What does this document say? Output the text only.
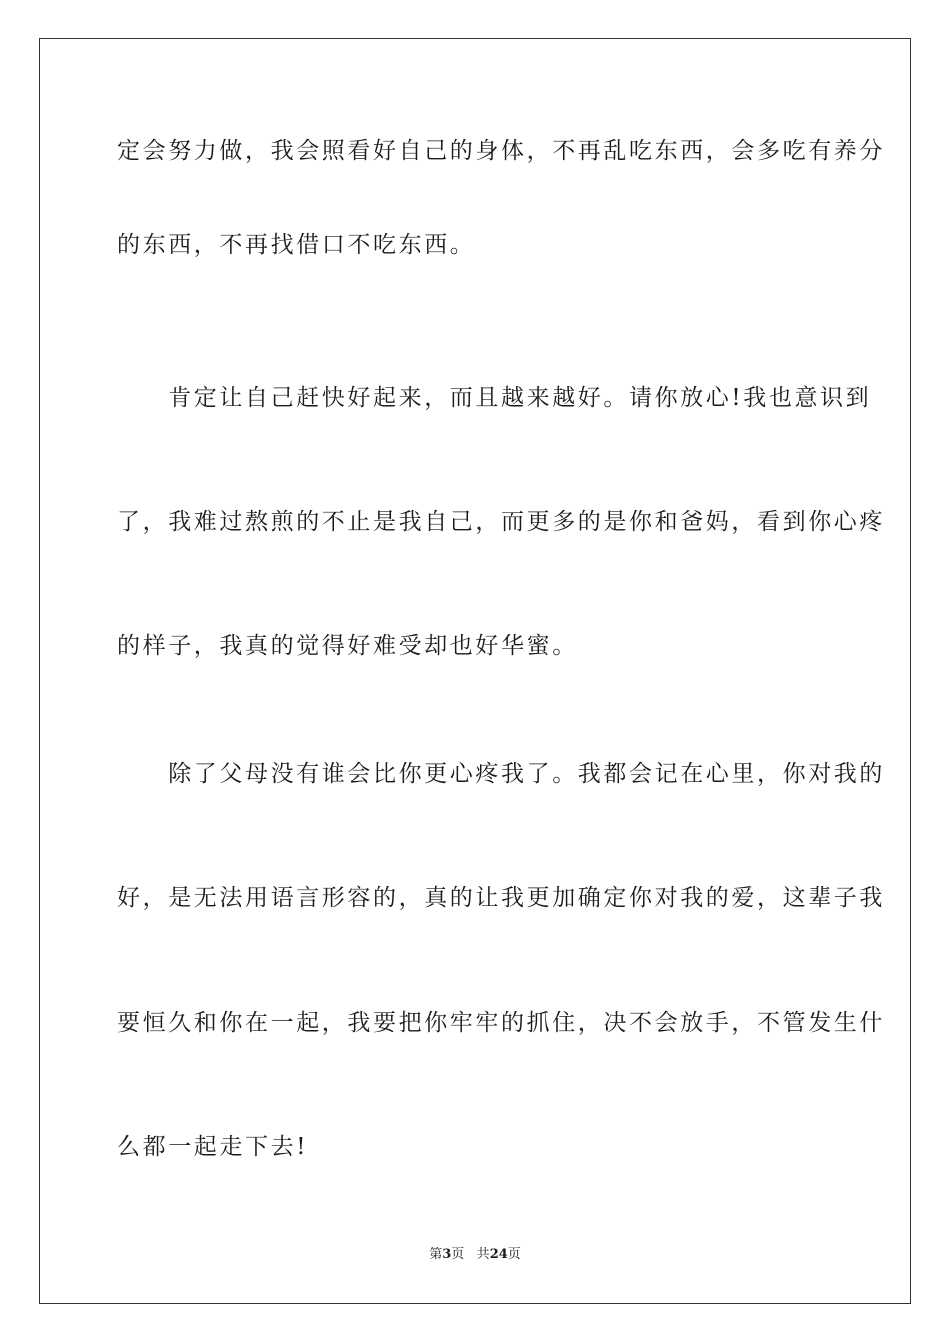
定会努力做，我会照看好自己的身体，不再乱吃东西，会多吃有养分
的东西，不再找借口不吃东西。
　　肯定让自己赶快好起来，而且越来越好。请你放心!我也意识到
了，我难过熬煎的不止是我自己，而更多的是你和爸妈，看到你心疼
的样子，我真的觉得好难受却也好华蜜。
　　除了父母没有谁会比你更心疼我了。我都会记在心里，你对我的
好，是无法用语言形容的，真的让我更加确定你对我的爱，这辈子我
要恒久和你在一起，我要把你牢牢的抓住，决不会放手，不管发生什
么都一起走下去!
第3页 共24页
